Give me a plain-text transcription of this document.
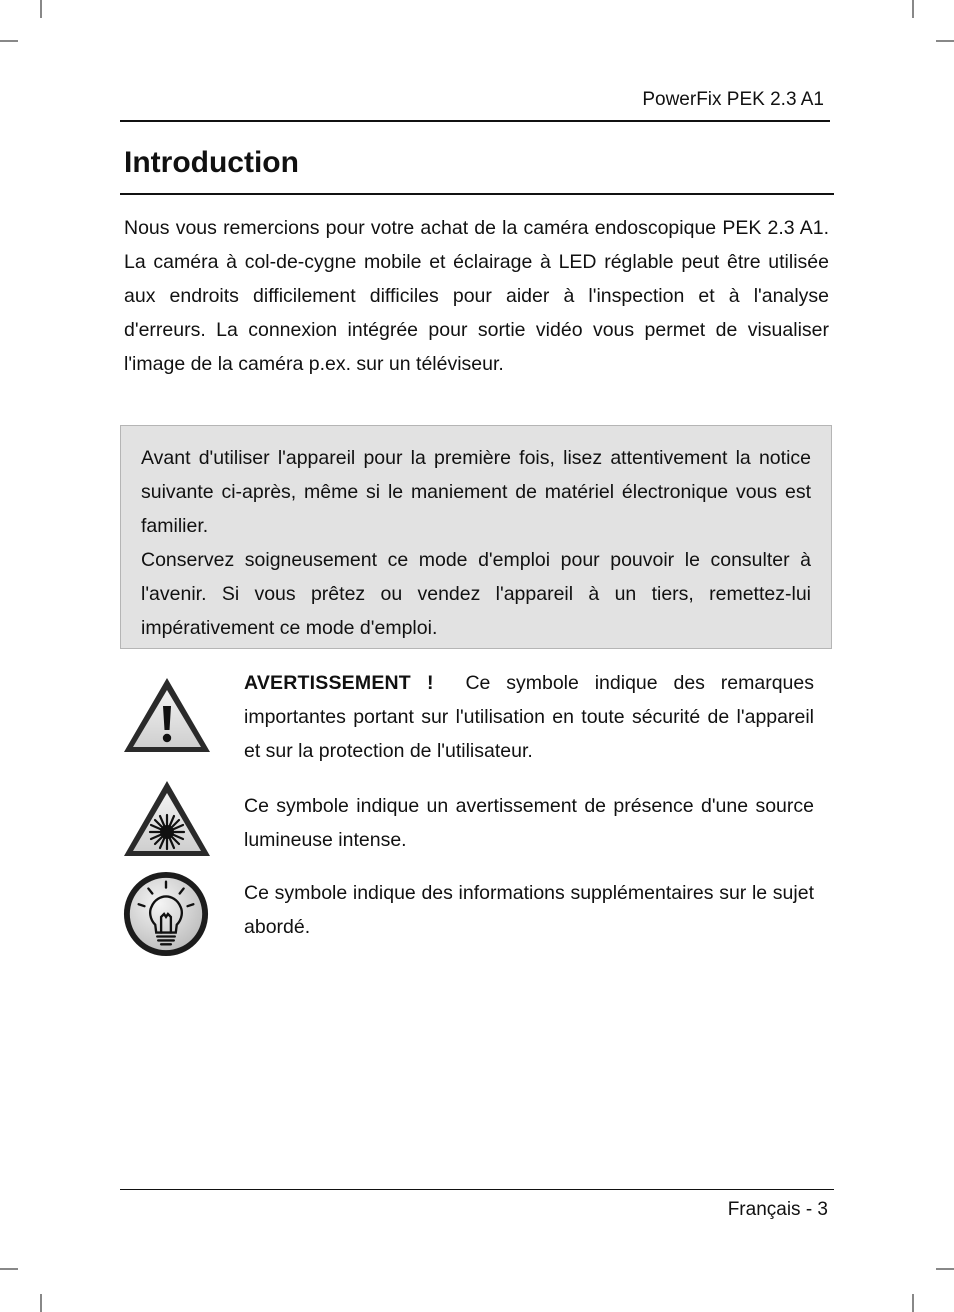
PowerFix PEK 2.3 A1
Introduction

Nous vous remercions pour votre achat de la caméra endoscopique PEK 2.3 A1. La caméra à col-de-cygne mobile et éclairage à LED réglable peut être utilisée aux endroits difficilement difficiles pour aider à l'inspection et à l'analyse d'erreurs. La connexion intégrée pour sortie vidéo vous permet de visualiser l'image de la caméra p.ex. sur un téléviseur.

Avant d'utiliser l'appareil pour la première fois, lisez attentivement la notice suivante ci-après, même si le maniement de matériel électronique vous est familier.

Conservez soigneusement ce mode d'emploi pour pouvoir le consulter à l'avenir. Si vous prêtez ou vendez l'appareil à un tiers, remettez-lui impérativement ce mode d'emploi.

AVERTISSEMENT ! Ce symbole indique des remarques importantes portant sur l'utilisation en toute sécurité de l'appareil et sur la protection de l'utilisateur.

Ce symbole indique un avertissement de présence d'une source lumineuse intense.

Ce symbole indique des informations supplémentaires sur le sujet abordé.

Français - 3
